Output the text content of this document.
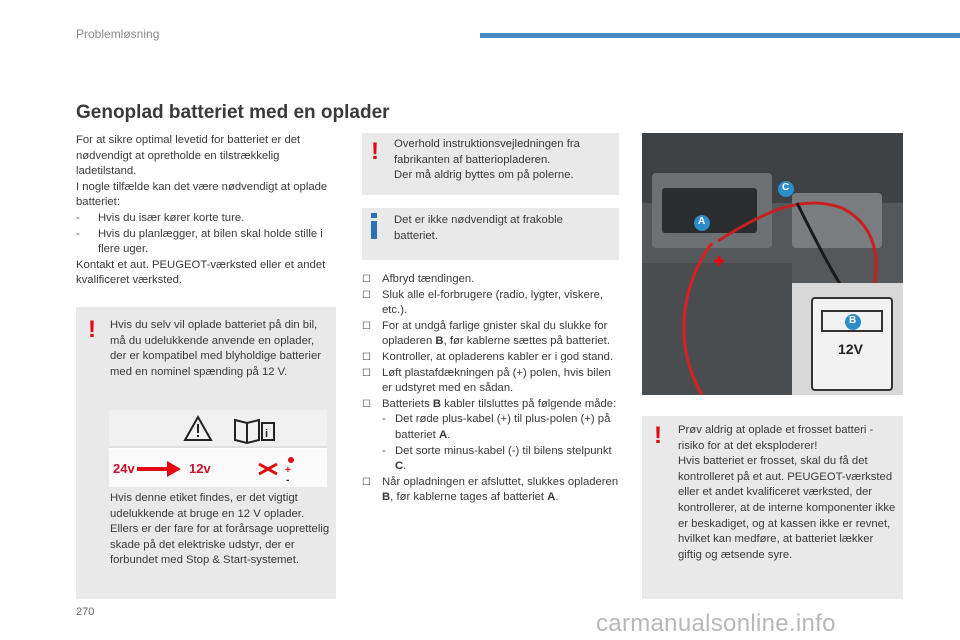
Problemløsning
Genoplad batteriet med en oplader
For at sikre optimal levetid for batteriet er det nødvendigt at opretholde en tilstrækkelig ladetilstand.
I nogle tilfælde kan det være nødvendigt at oplade batteriet:
-	Hvis du især kører korte ture.
-	Hvis du planlægger, at bilen skal holde stille i flere uger.
Kontakt et aut. PEUGEOT-værksted eller et andet kvalificeret værksted.
! Hvis du selv vil oplade batteriet på din bil, må du udelukkende anvende en oplader, der er kompatibel med blyholdige batterier med en nominel spænding på 12 V.
i
+
-
24v	12v
Hvis denne etiket findes, er det vigtigt udelukkende at bruge en 12 V oplader. Ellers er der fare for at forårsage uoprettelig skade på det elektriske udstyr, der er forbundet med Stop & Start-systemet.
! Overhold instruktionsvejledningen fra fabrikanten af batteriopladeren.
Der må aldrig byttes om på polerne.
Det er ikke nødvendigt at frakoble batteriet.
☐ Afbryd tændingen.
☐ Sluk alle el-forbrugere (radio, lygter, viskere, etc.).
☐ For at undgå farlige gnister skal du slukke for opladeren B, før kablerne sættes på batteriet.
☐ Kontroller, at opladerens kabler er i god stand.
☐ Løft plastafdækningen på (+) polen, hvis bilen er udstyret med en sådan.
☐ Batteriets B kabler tilsluttes på følgende måde:
- Det røde plus-kabel (+) til plus-polen (+) på batteriet A.
- Det sorte minus-kabel (-) til bilens stelpunkt C.
☐ Når opladningen er afsluttet, slukkes opladeren B, før kablerne tages af batteriet A.
A
C
B
12V
! Prøv aldrig at oplade et frosset batteri - risiko for at det eksploderer!
Hvis batteriet er frosset, skal du få det kontrolleret på et aut. PEUGEOT-værksted eller et andet kvalificeret værksted, der kontrollerer, at de interne komponenter ikke er beskadiget, og at kassen ikke er revnet, hvilket kan medføre, at batteriet lækker giftig og ætsende syre.
270	carmanualsonline.info
